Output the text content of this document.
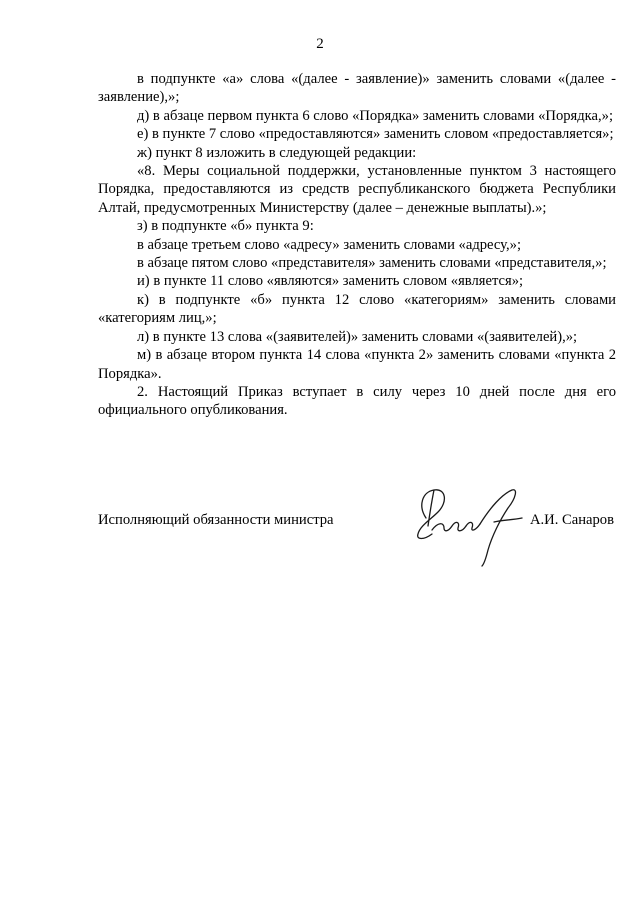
2

в подпункте «а» слова «(далее - заявление)» заменить словами «(далее - заявление),»;

д) в абзаце первом пункта 6 слово «Порядка» заменить словами «Порядка,»;

е) в пункте 7 слово «предоставляются» заменить словом «предоставляется»;

ж) пункт 8 изложить в следующей редакции:

«8. Меры социальной поддержки, установленные пунктом 3 настоящего Порядка, предоставляются из средств республиканского бюджета Республики Алтай, предусмотренных Министерству (далее – денежные выплаты).»;

з) в подпункте «б» пункта 9:

в абзаце третьем слово «адресу» заменить словами «адресу,»;

в абзаце пятом слово «представителя» заменить словами «представителя,»;

и) в пункте 11 слово «являются» заменить словом «является»;

к) в подпункте «б» пункта 12 слово «категориям» заменить словами «категориям лиц,»;

л) в пункте 13 слова «(заявителей)» заменить словами «(заявителей),»;

м) в абзаце втором пункта 14 слова «пункта 2» заменить словами «пункта 2 Порядка».

2. Настоящий Приказ вступает в силу через 10 дней после дня его официального опубликования.

Исполняющий обязанности министра	А.И. Санаров
